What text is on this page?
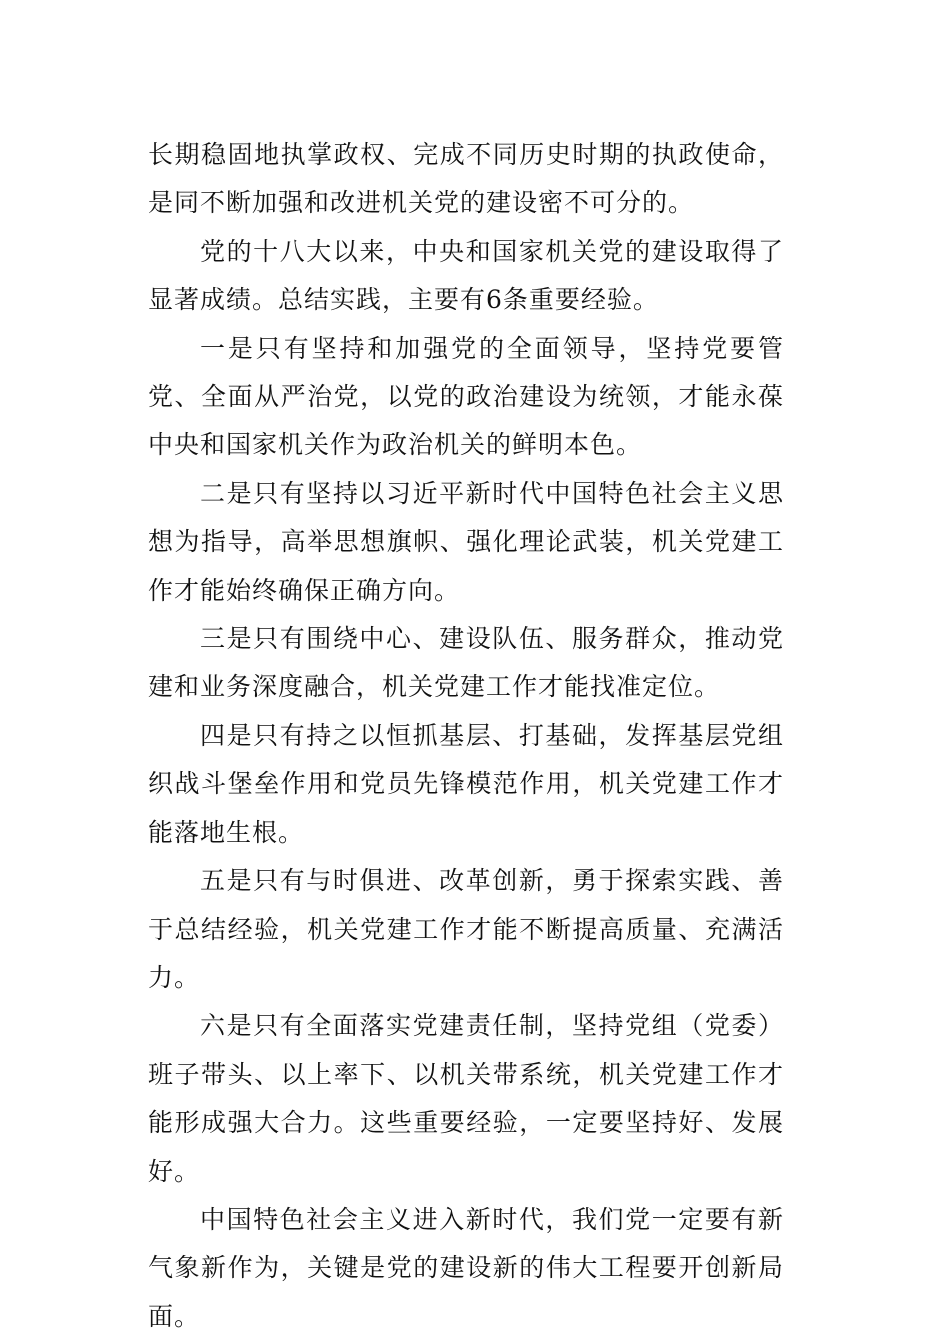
长期稳固地执掌政权、完成不同历史时期的执政使命，是同不断加强和改进机关党的建设密不可分的。

党的十八大以来，中央和国家机关党的建设取得了显著成绩。总结实践，主要有6条重要经验。

一是只有坚持和加强党的全面领导，坚持党要管党、全面从严治党，以党的政治建设为统领，才能永葆中央和国家机关作为政治机关的鲜明本色。

二是只有坚持以习近平新时代中国特色社会主义思想为指导，高举思想旗帜、强化理论武装，机关党建工作才能始终确保正确方向。

三是只有围绕中心、建设队伍、服务群众，推动党建和业务深度融合，机关党建工作才能找准定位。

四是只有持之以恒抓基层、打基础，发挥基层党组织战斗堡垒作用和党员先锋模范作用，机关党建工作才能落地生根。

五是只有与时俱进、改革创新，勇于探索实践、善于总结经验，机关党建工作才能不断提高质量、充满活力。

六是只有全面落实党建责任制，坚持党组（党委）班子带头、以上率下、以机关带系统，机关党建工作才能形成强大合力。这些重要经验，一定要坚持好、发展好。

中国特色社会主义进入新时代，我们党一定要有新气象新作为，关键是党的建设新的伟大工程要开创新局面。
